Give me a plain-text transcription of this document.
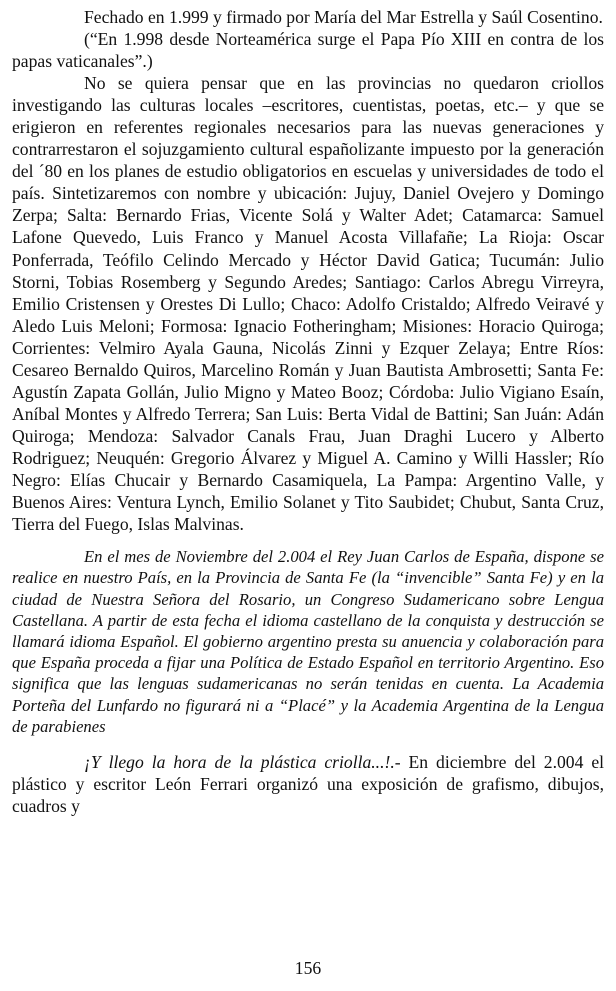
Fechado en 1.999 y firmado por María del Mar Estrella y Saúl Cosentino.

(“En 1.998 desde Norteamérica surge el Papa Pío XIII en contra de los papas vaticanales”.)

No se quiera pensar que en las provincias no quedaron criollos investigando las culturas locales –escritores, cuentistas, poetas, etc.– y que se erigieron en referentes regionales necesarios para las nuevas generaciones y contrarrestaron el sojuzgamiento cultural españolizante impuesto por la generación del ´80 en los planes de estudio obligatorios en escuelas y universidades de todo el país. Sintetizaremos con nombre y ubicación: Jujuy, Daniel Ovejero y Domingo Zerpa; Salta: Bernardo Frias, Vicente Solá y Walter Adet; Catamarca: Samuel Lafone Quevedo, Luis Franco y Manuel Acosta Villafañe; La Rioja: Oscar Ponferrada, Teófilo Celindo Mercado y Héctor David Gatica; Tucumán: Julio Storni, Tobias Rosemberg y Segundo Aredes; Santiago: Carlos Abregu Virreyra, Emilio Cristensen y Orestes Di Lullo; Chaco: Adolfo Cristaldo; Alfredo Veiravé y Aledo Luis Meloni; Formosa: Ignacio Fotheringham; Misiones: Horacio Quiroga; Corrientes: Velmiro Ayala Gauna, Nicolás Zinni y Ezquer Zelaya; Entre Ríos: Cesareo Bernaldo Quiros, Marcelino Román y Juan Bautista Ambrosetti; Santa Fe: Agustín Zapata Gollán, Julio Migno y Mateo Booz; Córdoba: Julio Vigiano Esaín, Aníbal Montes y Alfredo Terrera; San Luis: Berta Vidal de Battini; San Juán: Adán Quiroga; Mendoza: Salvador Canals Frau, Juan Draghi Lucero y Alberto Rodriguez; Neuquén: Gregorio Álvarez y Miguel A. Camino y Willi Hassler; Río Negro: Elías Chucair y Bernardo Casamiquela, La Pampa: Argentino Valle, y Buenos Aires: Ventura Lynch, Emilio Solanet y Tito Saubidet; Chubut, Santa Cruz, Tierra del Fuego, Islas Malvinas.

En el mes de Noviembre del 2.004 el Rey Juan Carlos de España, dispone se realice en nuestro País, en la Provincia de Santa Fe (la “invencible” Santa Fe) y en la ciudad de Nuestra Señora del Rosario, un Congreso Sudamericano sobre Lengua Castellana. A partir de esta fecha el idioma castellano de la conquista y destrucción se llamará idioma Español. El gobierno argentino presta su anuencia y colaboración para que España proceda a fijar una Política de Estado Español en territorio Argentino. Eso significa que las lenguas sudamericanas no serán tenidas en cuenta. La Academia Porteña del Lunfardo no figurará ni a “Placé” y la Academia Argentina de la Lengua de parabienes

¡Y llego la hora de la plástica criolla...!.- En diciembre del 2.004 el plástico y escritor León Ferrari organizó una exposición de grafismo, dibujos, cuadros y

156
